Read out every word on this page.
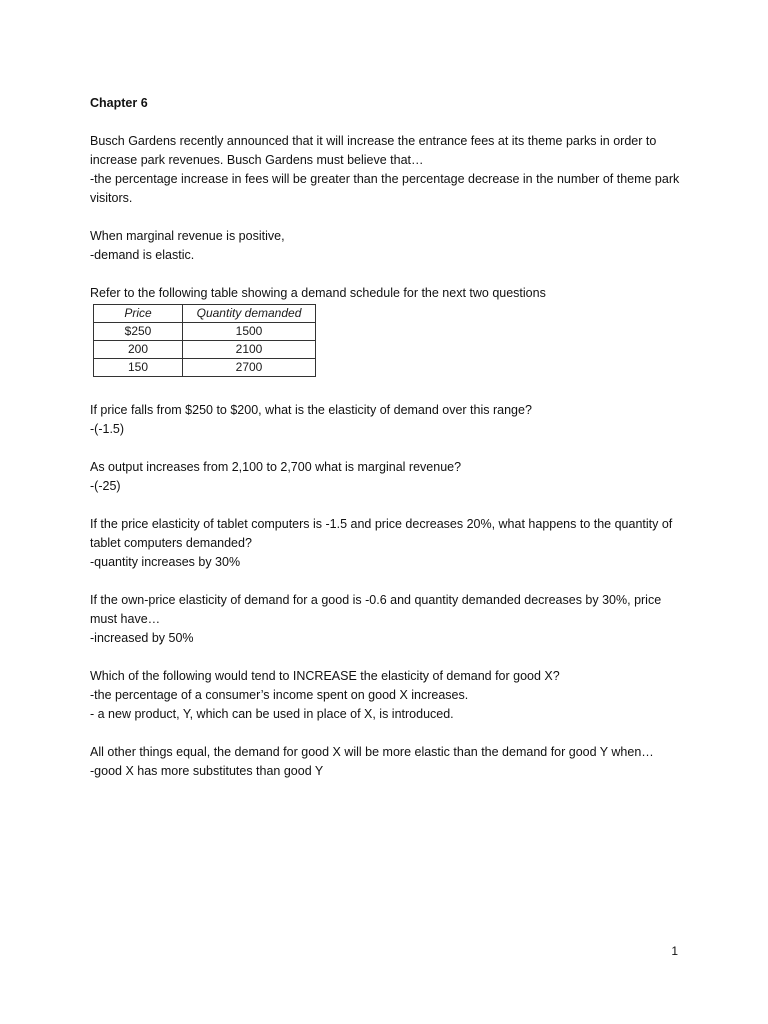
Chapter 6

Busch Gardens recently announced that it will increase the entrance fees at its theme parks in order to increase park revenues. Busch Gardens must believe that…

-the percentage increase in fees will be greater than the percentage decrease in the number of theme park visitors.

When marginal revenue is positive,

-demand is elastic.

Refer to the following table showing a demand schedule for the next two questions

Price	Quantity demanded
$250	1500
200	2100
150	2700

If price falls from $250 to $200, what is the elasticity of demand over this range?

-(-1.5)

As output increases from 2,100 to 2,700 what is marginal revenue?

-(-25)

If the price elasticity of tablet computers is -1.5 and price decreases 20%, what happens to the quantity of tablet computers demanded?

-quantity increases by 30%

If the own-price elasticity of demand for a good is -0.6 and quantity demanded decreases by 30%, price must have…

-increased by 50%

Which of the following would tend to INCREASE the elasticity of demand for good X?

-the percentage of a consumer’s income spent on good X increases.

- a new product, Y, which can be used in place of X, is introduced.

All other things equal, the demand for good X will be more elastic than the demand for good Y when…

-good X has more substitutes than good Y

1
